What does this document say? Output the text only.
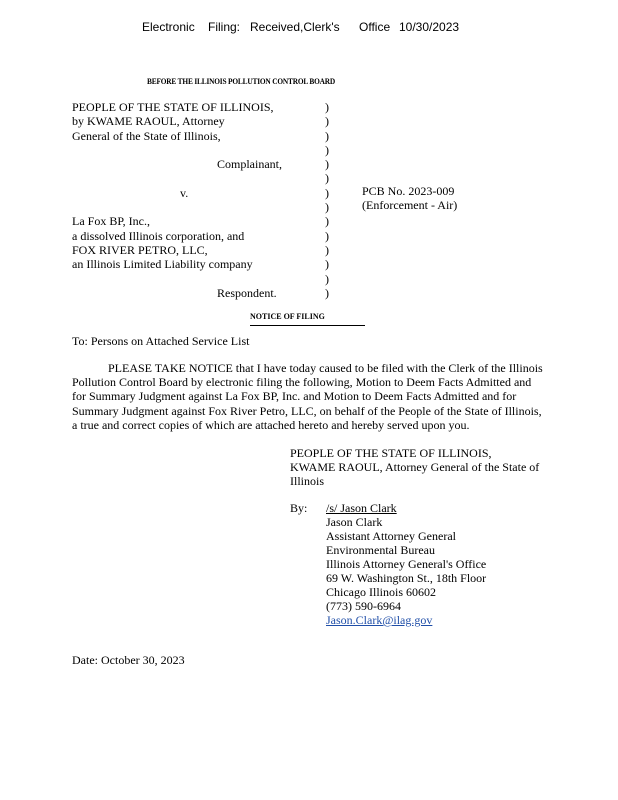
Electronic Filing: Received,Clerk's Office 10/30/2023
BEFORE THE ILLINOIS POLLUTION CONTROL BOARD
PEOPLE OF THE STATE OF ILLINOIS,
by KWAME RAOUL, Attorney
General of the State of Illinois,
Complainant,
v.
La Fox BP, Inc.,
a dissolved Illinois corporation, and
FOX RIVER PETRO, LLC,
an Illinois Limited Liability company
Respondent.
)
)
)
)
)
)
)
)
)
)
)
)
)
)
PCB No. 2023-009
(Enforcement - Air)
NOTICE OF FILING
To: Persons on Attached Service List
PLEASE TAKE NOTICE that I have today caused to be filed with the Clerk of the Illinois
Pollution Control Board by electronic filing the following, Motion to Deem Facts Admitted and
for Summary Judgment against La Fox BP, Inc. and Motion to Deem Facts Admitted and for
Summary Judgment against Fox River Petro, LLC, on behalf of the People of the State of Illinois,
a true and correct copies of which are attached hereto and hereby served upon you.
PEOPLE OF THE STATE OF ILLINOIS,
KWAME RAOUL, Attorney General of the State of
Illinois
By: /s/ Jason Clark
Jason Clark
Assistant Attorney General
Environmental Bureau
Illinois Attorney General's Office
69 W. Washington St., 18th Floor
Chicago Illinois 60602
(773) 590-6964
Jason.Clark@ilag.gov
Date: October 30, 2023
